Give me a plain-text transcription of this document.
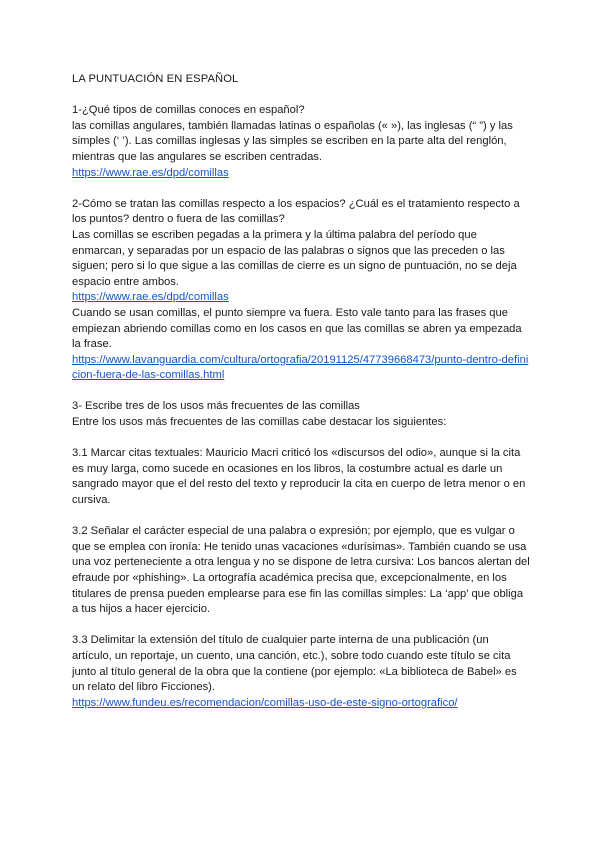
LA PUNTUACIÓN EN ESPAÑOL
1-¿Qué tipos de comillas conoces en español?
las comillas angulares, también llamadas latinas o españolas (« »), las inglesas (“ ”) y las
simples (‘ ’). Las comillas inglesas y las simples se escriben en la parte alta del renglón,
mientras que las angulares se escriben centradas.
https://www.rae.es/dpd/comillas
2-Cómo se tratan las comillas respecto a los espacios? ¿Cuál es el tratamiento respecto a
los puntos? dentro o fuera de las comillas?
Las comillas se escriben pegadas a la primera y la última palabra del período que
enmarcan, y separadas por un espacio de las palabras o signos que las preceden o las
siguen; pero si lo que sigue a las comillas de cierre es un signo de puntuación, no se deja
espacio entre ambos.
https://www.rae.es/dpd/comillas
Cuando se usan comillas, el punto siempre va fuera. Esto vale tanto para las frases que
empiezan abriendo comillas como en los casos en que las comillas se abren ya empezada
la frase.
https://www.lavanguardia.com/cultura/ortografia/20191125/47739668473/punto-dentro-defini
cion-fuera-de-las-comillas.html
3- Escribe tres de los usos más frecuentes de las comillas
Entre los usos más frecuentes de las comillas cabe destacar los siguientes:
3.1 Marcar citas textuales: Mauricio Macri criticó los «discursos del odio», aunque si la cita
es muy larga, como sucede en ocasiones en los libros, la costumbre actual es darle un
sangrado mayor que el del resto del texto y reproducir la cita en cuerpo de letra menor o en
cursiva.
3.2 Señalar el carácter especial de una palabra o expresión; por ejemplo, que es vulgar o
que se emplea con ironía: He tenido unas vacaciones «durísimas». También cuando se usa
una voz perteneciente a otra lengua y no se dispone de letra cursiva: Los bancos alertan del
efraude por «phishing». La ortografía académica precisa que, excepcionalmente, en los
titulares de prensa pueden emplearse para ese fin las comillas simples: La ‘app’ que obliga
a tus hijos a hacer ejercicio.
3.3 Delimitar la extensión del título de cualquier parte interna de una publicación (un
artículo, un reportaje, un cuento, una canción, etc.), sobre todo cuando este título se cita
junto al título general de la obra que la contiene (por ejemplo: «La biblioteca de Babel» es
un relato del libro Ficciones).
https://www.fundeu.es/recomendacion/comillas-uso-de-este-signo-ortografico/
